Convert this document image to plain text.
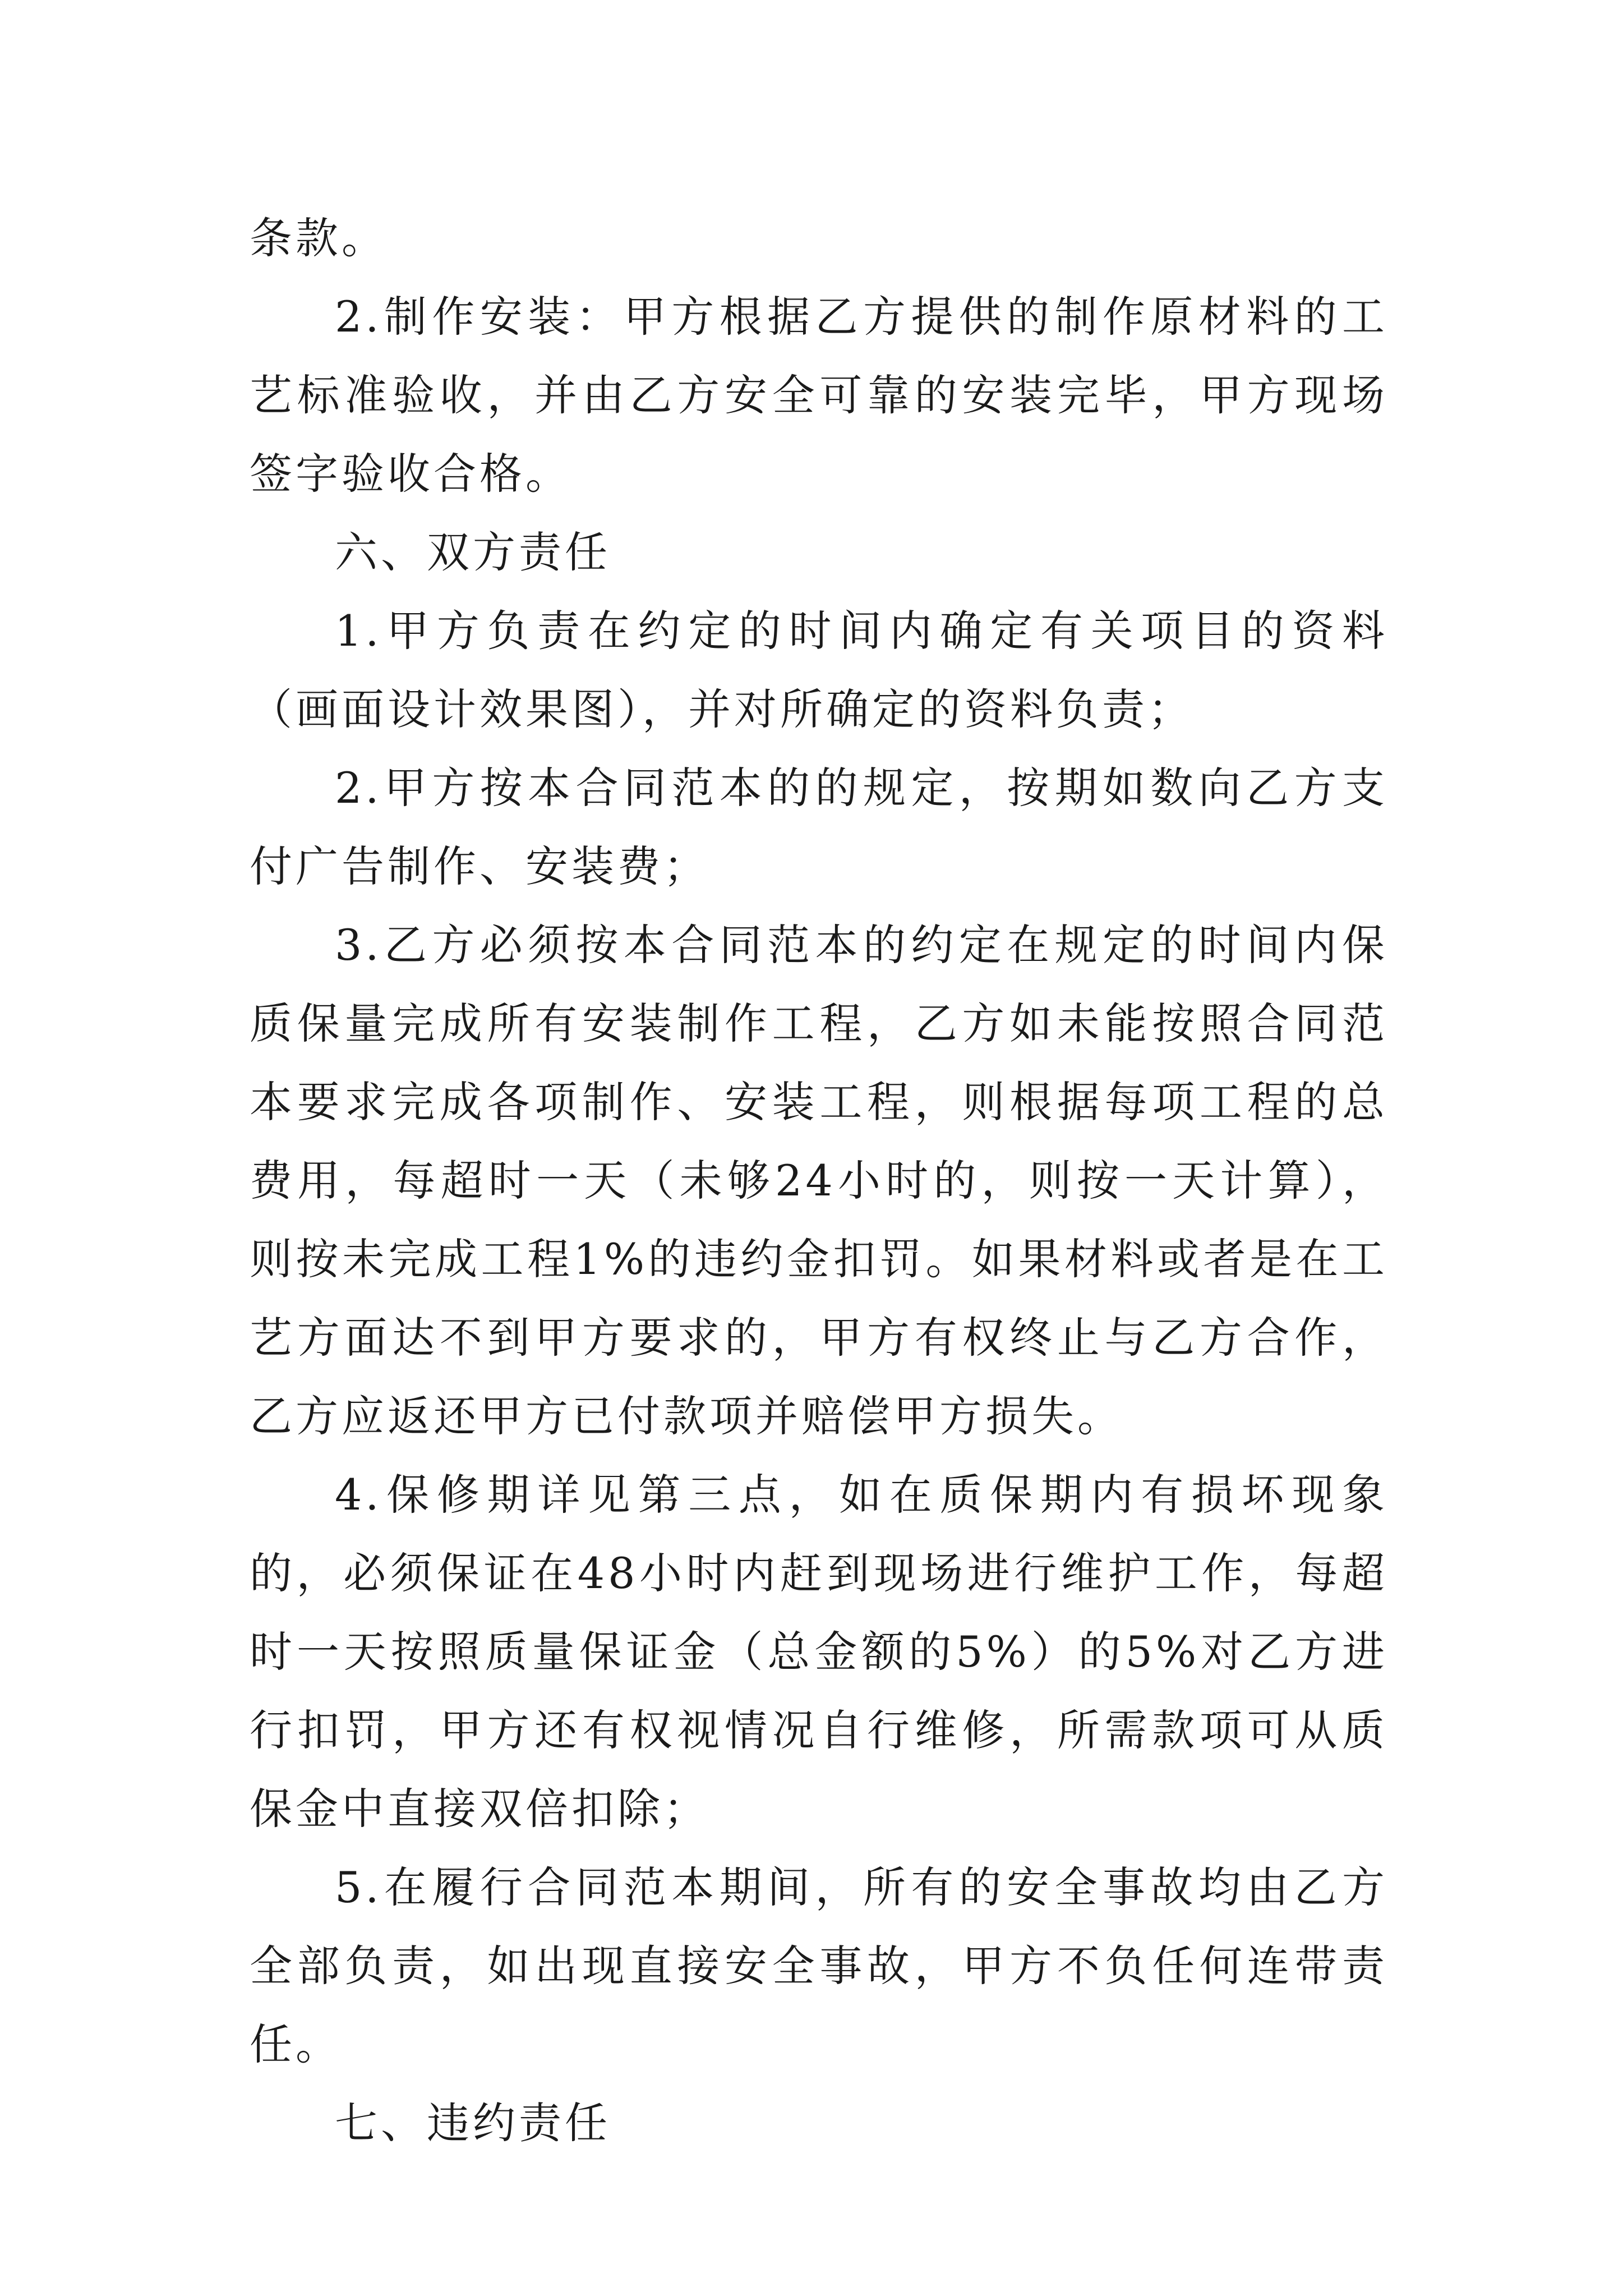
条款。

2.制作安装：甲方根据乙方提供的制作原材料的工艺标准验收，并由乙方安全可靠的安装完毕，甲方现场签字验收合格。

六、双方责任

1.甲方负责在约定的时间内确定有关项目的资料（画面设计效果图），并对所确定的资料负责；

2.甲方按本合同范本的的规定，按期如数向乙方支付广告制作、安装费；

3.乙方必须按本合同范本的约定在规定的时间内保质保量完成所有安装制作工程，乙方如未能按照合同范本要求完成各项制作、安装工程，则根据每项工程的总费用，每超时一天（未够24小时的，则按一天计算），则按未完成工程1%的违约金扣罚。如果材料或者是在工艺方面达不到甲方要求的，甲方有权终止与乙方合作，乙方应返还甲方已付款项并赔偿甲方损失。

4.保修期详见第三点，如在质保期内有损坏现象的，必须保证在48小时内赶到现场进行维护工作，每超时一天按照质量保证金（总金额的5%）的5%对乙方进行扣罚，甲方还有权视情况自行维修，所需款项可从质保金中直接双倍扣除；

5.在履行合同范本期间，所有的安全事故均由乙方全部负责，如出现直接安全事故，甲方不负任何连带责任。

七、违约责任
